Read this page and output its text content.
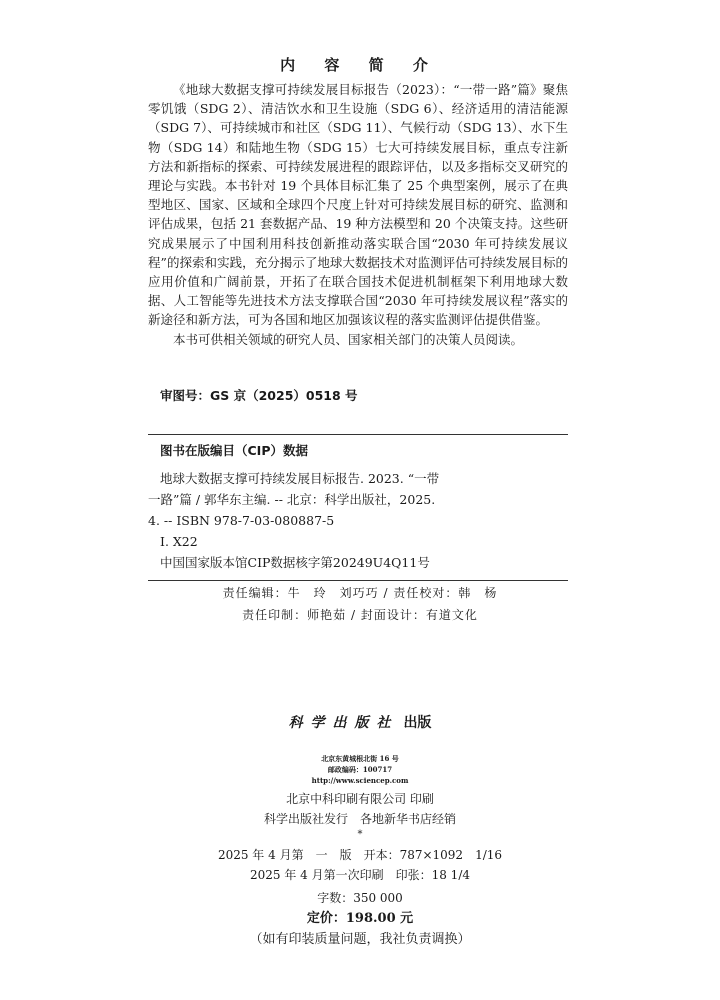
内 容 简 介

《地球大数据支撑可持续发展目标报告（2023）：“一带一路”篇》聚焦零饥饿（SDG 2）、清洁饮水和卫生设施（SDG 6）、经济适用的清洁能源（SDG 7）、可持续城市和社区（SDG 11）、气候行动（SDG 13）、水下生物（SDG 14）和陆地生物（SDG 15）七大可持续发展目标，重点专注新方法和新指标的探索、可持续发展进程的跟踪评估，以及多指标交叉研究的理论与实践。本书针对 19 个具体目标汇集了 25 个典型案例，展示了在典型地区、国家、区域和全球四个尺度上针对可持续发展目标的研究、监测和评估成果，包括 21 套数据产品、19 种方法模型和 20 个决策支持。这些研究成果展示了中国利用科技创新推动落实联合国“2030 年可持续发展议程”的探索和实践，充分揭示了地球大数据技术对监测评估可持续发展目标的应用价值和广阔前景，开拓了在联合国技术促进机制框架下利用地球大数据、人工智能等先进技术方法支撑联合国“2030 年可持续发展议程”落实的新途径和新方法，可为各国和地区加强该议程的落实监测评估提供借鉴。

本书可供相关领域的研究人员、国家相关部门的决策人员阅读。

审图号：GS 京（2025）0518 号
图书在版编目（CIP）数据

地球大数据支撑可持续发展目标报告. 2023. “一带

一路”篇 / 郭华东主编. -- 北京：科学出版社，2025.

4. -- ISBN 978-7-03-080887-5

Ⅰ. X22

中国国家版本馆CIP数据核字第20249U4Q11号

责任编辑：牛　玲　刘巧巧 / 责任校对：韩　杨
责任印制：师艳茹 / 封面设计：有道文化
科学出版社 出版
北京东黄城根北街 16 号
邮政编码：100717
http://www.sciencep.com
北京中科印刷有限公司 印刷
科学出版社发行　各地新华书店经销
*
2025 年 4 月第　一　版　开本：787×1092　1/16
2025 年 4 月第一次印刷　印张：18 1/4
字数：350 000
定价：198.00 元
（如有印装质量问题，我社负责调换）
